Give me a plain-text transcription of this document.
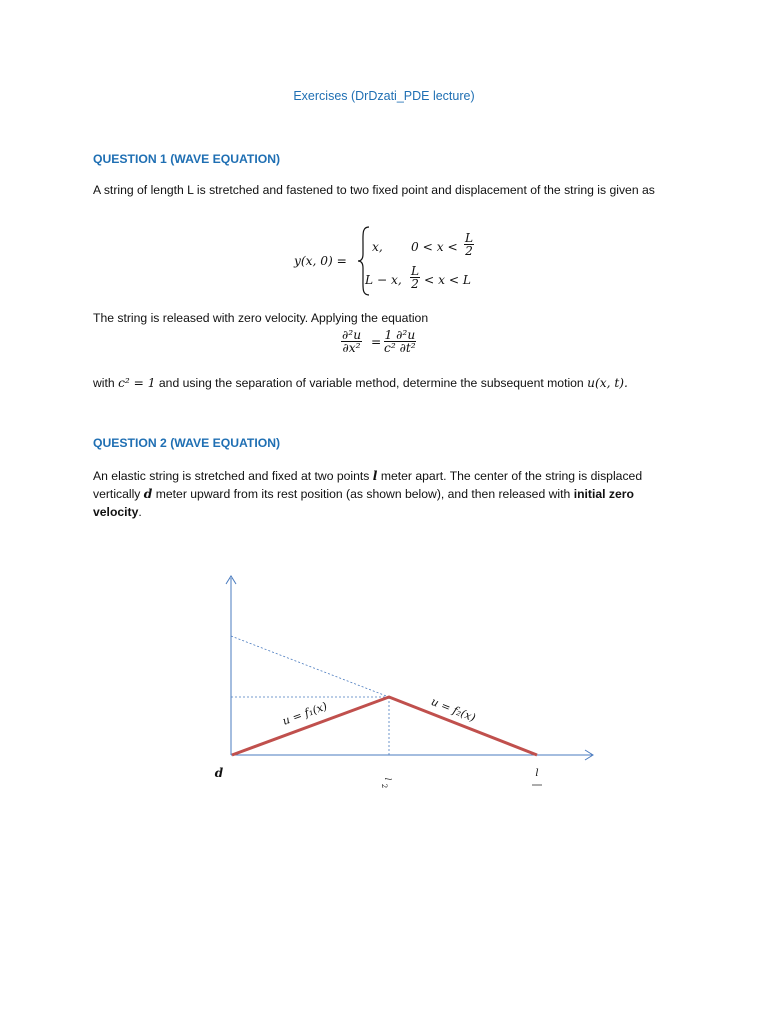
Exercises (DrDzati_PDE lecture)
QUESTION 1 (WAVE EQUATION)
A string of length L is stretched and fastened to two fixed point and displacement of the string is given as
y(x, 0) =
x, $0 < x < \frac{L}{2}$
L − x, $\frac{L}{2} < x < L$
The string is released with zero velocity. Applying the equation
$\frac{\text{∂²u}}{\text{∂x²}} = \frac{\text{1 ∂²u}}{\text{c² ∂t²}}$
with c² = 1 and using the separation of variable method, determine the subsequent motion u(x, t).
QUESTION 2 (WAVE EQUATION)
An elastic string is stretched and fixed at two points l meter apart. The center of the string is displaced vertically d meter upward from its rest position (as shown below), and then released with initial zero velocity.
u = f₁(x)	u = f₂(x)
d	l
2
l
